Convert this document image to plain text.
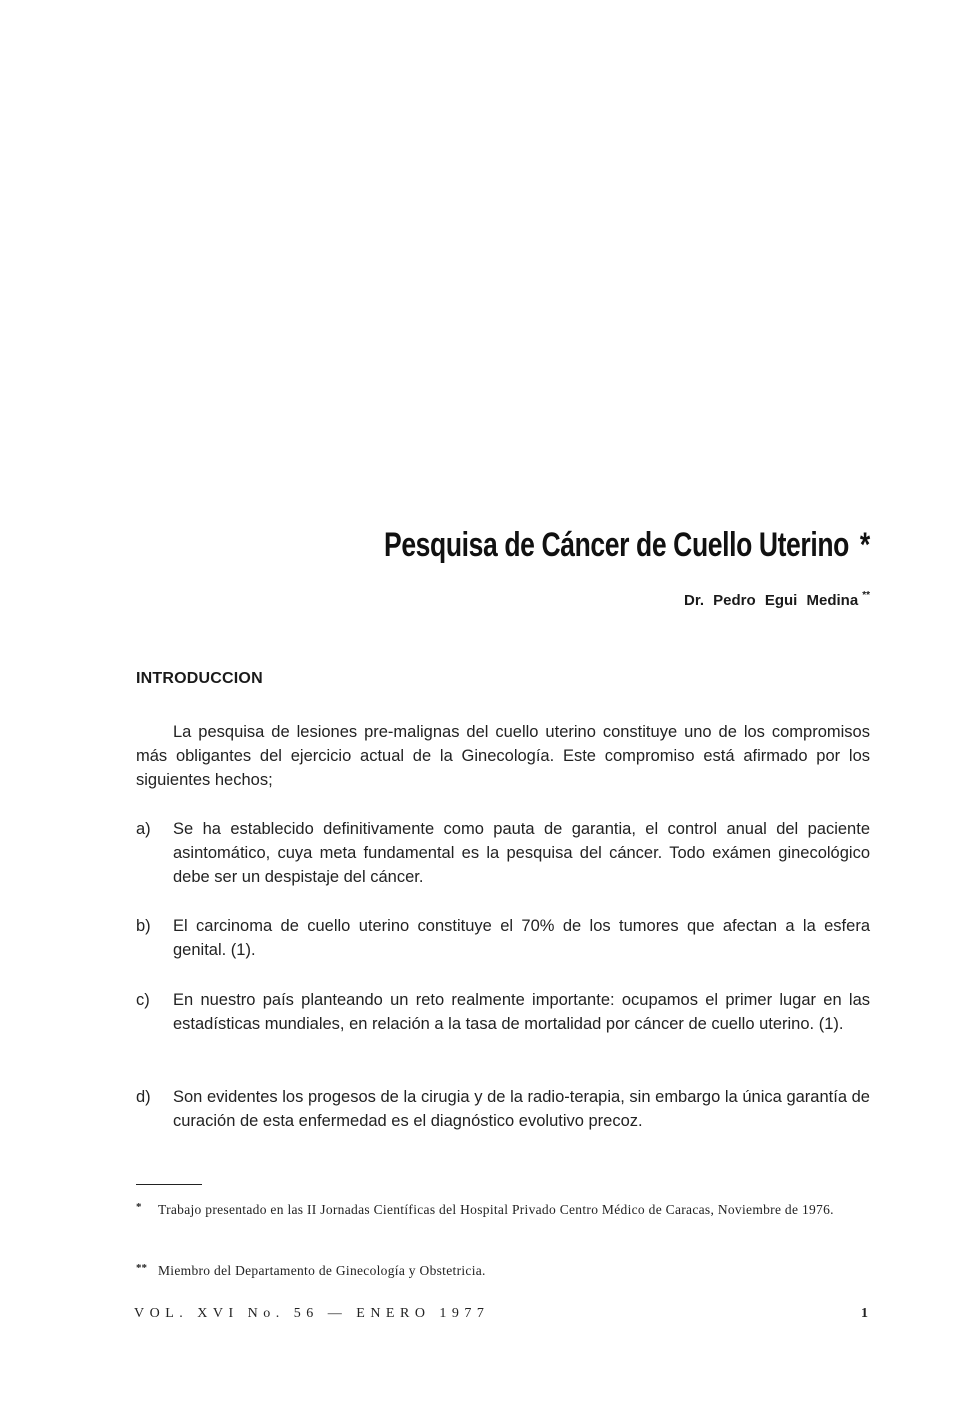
Pesquisa de Cáncer de Cuello Uterino *
Dr. Pedro Egui Medina **
INTRODUCCION
La pesquisa de lesiones pre-malignas del cuello uterino constituye uno de los compromisos más obligantes del ejercicio actual de la Ginecología. Este compromiso está afirmado por los siguientes hechos;
a)	Se ha establecido definitivamente como pauta de garantia, el control anual del paciente asintomático, cuya meta fundamental es la pesquisa del cáncer. Todo exámen ginecológico debe ser un despistaje del cáncer.
b)	El carcinoma de cuello uterino constituye el 70% de los tumores que afectan a la esfera genital. (1).
c)	En nuestro país planteando un reto realmente importante: ocupamos el primer lugar en las estadísticas mundiales, en relación a la tasa de mortalidad por cáncer de cuello uterino. (1).
d)	Son evidentes los progesos de la cirugia y de la radio-terapia, sin embargo la única garantía de curación de esta enfermedad es el diagnóstico evolutivo precoz.
* Trabajo presentado en las II Jornadas Científicas del Hospital Privado Centro Médico de Caracas, Noviembre de 1976.
** Miembro del Departamento de Ginecología y Obstetricia.
VOL. XVI No. 56 — ENERO 1977	1
